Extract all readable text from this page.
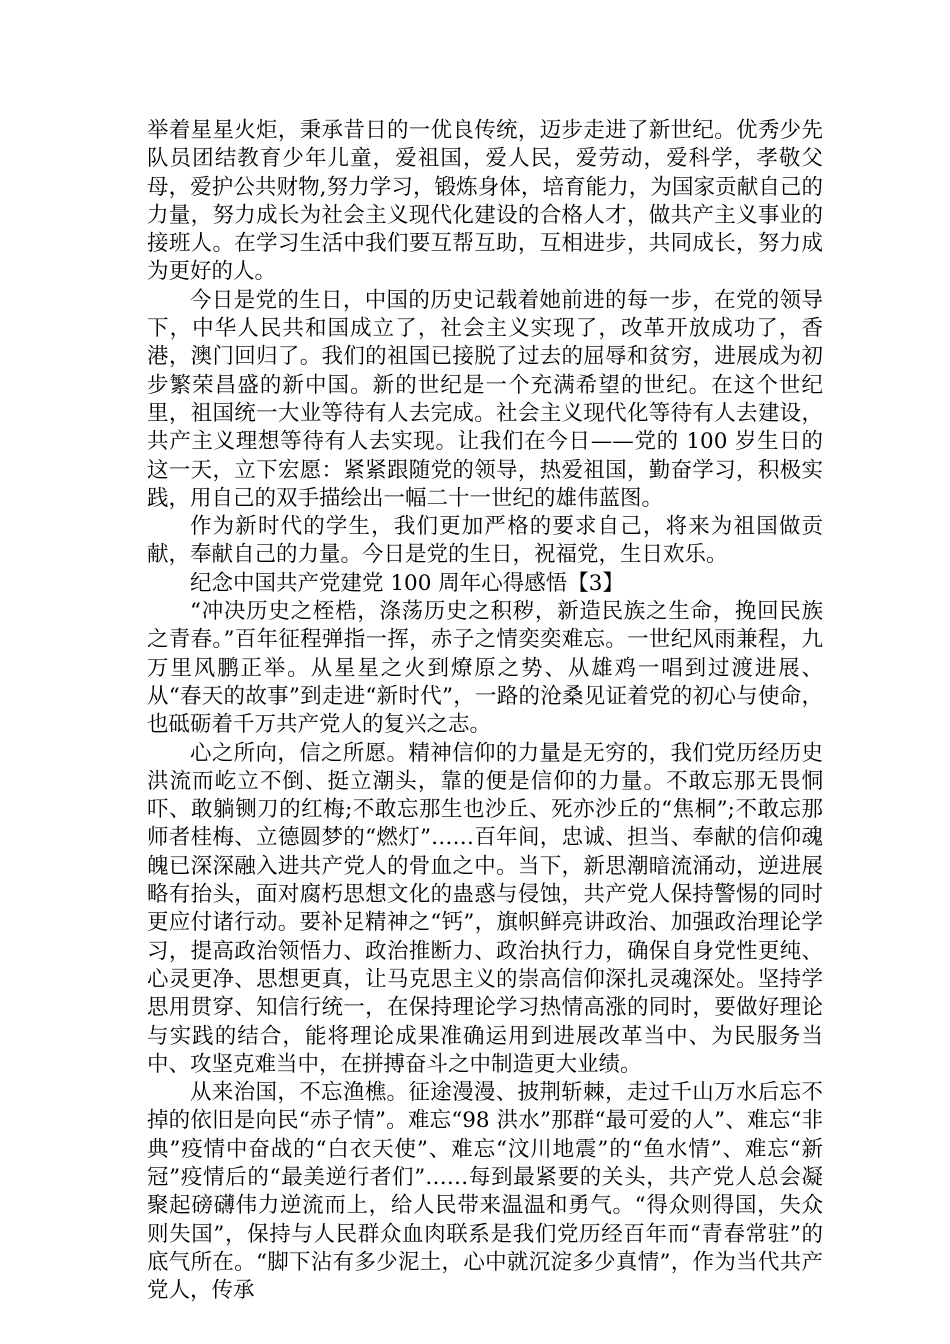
举着星星火炬，秉承昔日的一优良传统，迈步走进了新世纪。优秀少先队员团结教育少年儿童，爱祖国，爱人民，爱劳动，爱科学，孝敬父母，爱护公共财物,努力学习，锻炼身体，培育能力，为国家贡献自己的力量，努力成长为社会主义现代化建设的合格人才，做共产主义事业的接班人。在学习生活中我们要互帮互助，互相进步，共同成长，努力成为更好的人。

今日是党的生日，中国的历史记载着她前进的每一步，在党的领导下，中华人民共和国成立了，社会主义实现了，改革开放成功了，香港，澳门回归了。我们的祖国已接脱了过去的屈辱和贫穷，进展成为初步繁荣昌盛的新中国。新的世纪是一个充满希望的世纪。在这个世纪里，祖国统一大业等待有人去完成。社会主义现代化等待有人去建设，共产主义理想等待有人去实现。让我们在今日——党的 100 岁生日的这一天，立下宏愿：紧紧跟随党的领导，热爱祖国，勤奋学习，积极实践，用自己的双手描绘出一幅二十一世纪的雄伟蓝图。

作为新时代的学生，我们更加严格的要求自己，将来为祖国做贡献，奉献自己的力量。今日是党的生日，祝福党，生日欢乐。

纪念中国共产党建党 100 周年心得感悟【3】

“冲决历史之桎梏，涤荡历史之积秽，新造民族之生命，挽回民族之青春。”百年征程弹指一挥，赤子之情奕奕难忘。一世纪风雨兼程，九万里风鹏正举。从星星之火到燎原之势、从雄鸡一唱到过渡进展、从“春天的故事”到走进“新时代”，一路的沧桑见证着党的初心与使命，也砥砺着千万共产党人的复兴之志。

心之所向，信之所愿。精神信仰的力量是无穷的，我们党历经历史洪流而屹立不倒、挺立潮头，靠的便是信仰的力量。不敢忘那无畏恫吓、敢躺铡刀的红梅;不敢忘那生也沙丘、死亦沙丘的“焦桐”;不敢忘那师者桂梅、立德圆梦的“燃灯”……百年间，忠诚、担当、奉献的信仰魂魄已深深融入进共产党人的骨血之中。当下，新思潮暗流涌动，逆进展略有抬头，面对腐朽思想文化的蛊惑与侵蚀，共产党人保持警惕的同时更应付诸行动。要补足精神之“钙”，旗帜鲜亮讲政治、加强政治理论学习，提高政治领悟力、政治推断力、政治执行力，确保自身党性更纯、心灵更净、思想更真，让马克思主义的崇高信仰深扎灵魂深处。坚持学思用贯穿、知信行统一，在保持理论学习热情高涨的同时，要做好理论与实践的结合，能将理论成果准确运用到进展改革当中、为民服务当中、攻坚克难当中，在拼搏奋斗之中制造更大业绩。

从来治国，不忘渔樵。征途漫漫、披荆斩棘，走过千山万水后忘不掉的依旧是向民“赤子情”。难忘“98 洪水”那群“最可爱的人”、难忘“非典”疫情中奋战的“白衣天使”、难忘“汶川地震”的“鱼水情”、难忘“新冠”疫情后的“最美逆行者们”……每到最紧要的关头，共产党人总会凝聚起磅礴伟力逆流而上，给人民带来温温和勇气。“得众则得国，失众则失国”，保持与人民群众血肉联系是我们党历经百年而“青春常驻”的底气所在。“脚下沾有多少泥土，心中就沉淀多少真情”，作为当代共产党人，传承
